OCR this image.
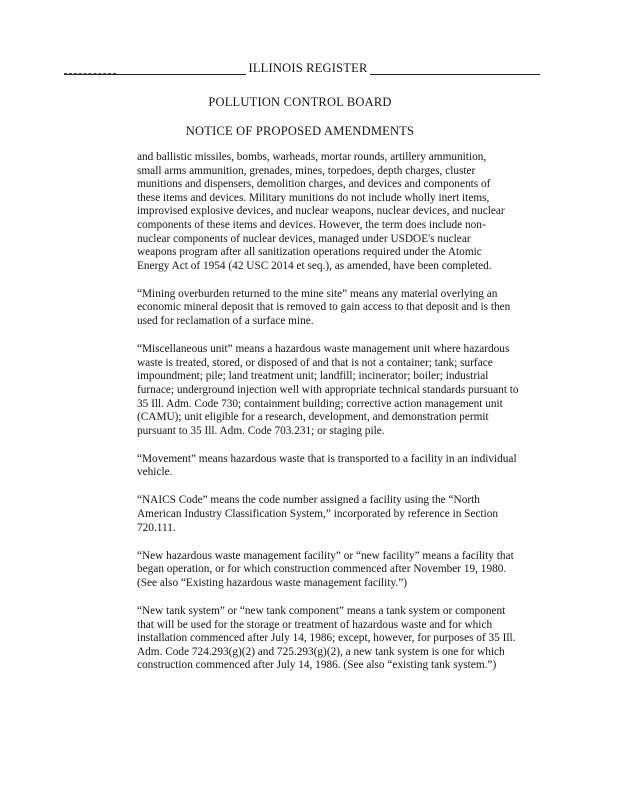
ILLINOIS REGISTER
POLLUTION CONTROL BOARD
NOTICE OF PROPOSED AMENDMENTS
and ballistic missiles, bombs, warheads, mortar rounds, artillery ammunition,
small arms ammunition, grenades, mines, torpedoes, depth charges, cluster
munitions and dispensers, demolition charges, and devices and components of
these items and devices. Military munitions do not include wholly inert items,
improvised explosive devices, and nuclear weapons, nuclear devices, and nuclear
components of these items and devices. However, the term does include non-
nuclear components of nuclear devices, managed under USDOE's nuclear
weapons program after all sanitization operations required under the Atomic
Energy Act of 1954 (42 USC 2014 et seq.), as amended, have been completed.
“Mining overburden returned to the mine site” means any material overlying an
economic mineral deposit that is removed to gain access to that deposit and is then
used for reclamation of a surface mine.
“Miscellaneous unit” means a hazardous waste management unit where hazardous
waste is treated, stored, or disposed of and that is not a container; tank; surface
impoundment; pile; land treatment unit; landfill; incinerator; boiler; industrial
furnace; underground injection well with appropriate technical standards pursuant to
35 Ill. Adm. Code 730; containment building; corrective action management unit
(CAMU); unit eligible for a research, development, and demonstration permit
pursuant to 35 Ill. Adm. Code 703.231; or staging pile.
“Movement” means hazardous waste that is transported to a facility in an individual
vehicle.
“NAICS Code” means the code number assigned a facility using the “North
American Industry Classification System,” incorporated by reference in Section
720.111.
“New hazardous waste management facility” or “new facility” means a facility that
began operation, or for which construction commenced after November 19, 1980.
(See also “Existing hazardous waste management facility.”)
“New tank system” or “new tank component” means a tank system or component
that will be used for the storage or treatment of hazardous waste and for which
installation commenced after July 14, 1986; except, however, for purposes of 35 Ill.
Adm. Code 724.293(g)(2) and 725.293(g)(2), a new tank system is one for which
construction commenced after July 14, 1986. (See also “existing tank system.”)
